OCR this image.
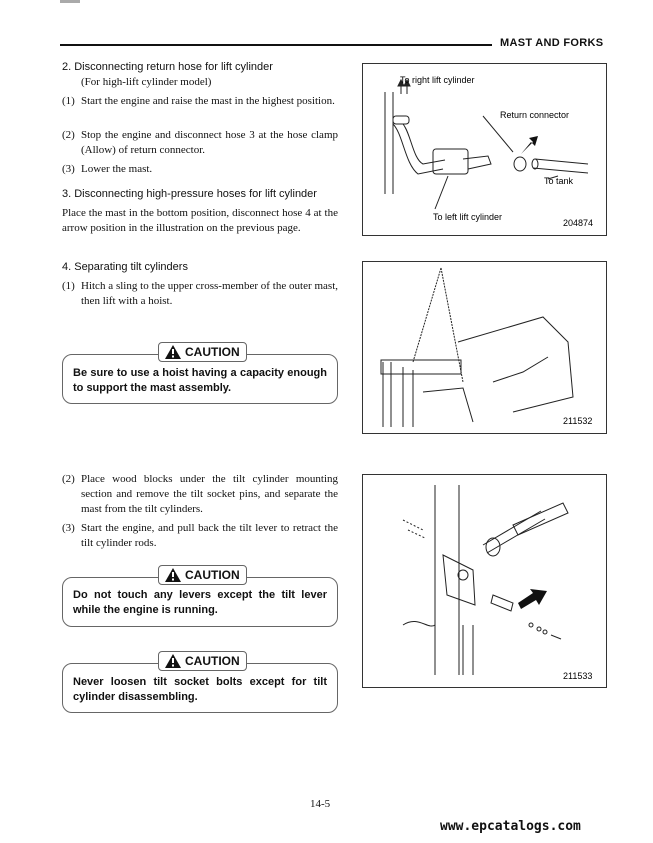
MAST AND FORKS
2. Disconnecting return hose for lift cylinder
(For high-lift cylinder model)
(1) Start the engine and raise the mast in the highest position.
(2) Stop the engine and disconnect hose 3 at the hose clamp (Allow) of return connector.
(3) Lower the mast.
3. Disconnecting high-pressure hoses for lift cylinder
Place the mast in the bottom position, disconnect hose 4 at the arrow position in the illustration on the previous page.
4. Separating tilt cylinders
(1) Hitch a sling to the upper cross-member of the outer mast, then lift with a hoist.
Be sure to use a hoist having a capacity enough to support the mast assembly.
CAUTION
(2) Place wood blocks under the tilt cylinder mounting section and remove the tilt socket pins, and separate the mast from the tilt cylinders.
(3) Start the engine, and pull back the tilt lever to retract the tilt cylinder rods.
Do not touch any levers except the tilt lever while the engine is running.
CAUTION
Never loosen tilt socket bolts except for tilt cylinder disassembling.
CAUTION
To right lift cylinder
Return connector
To tank
To left lift cylinder
204874
211532
211533
14-5
www.epcatalogs.com
